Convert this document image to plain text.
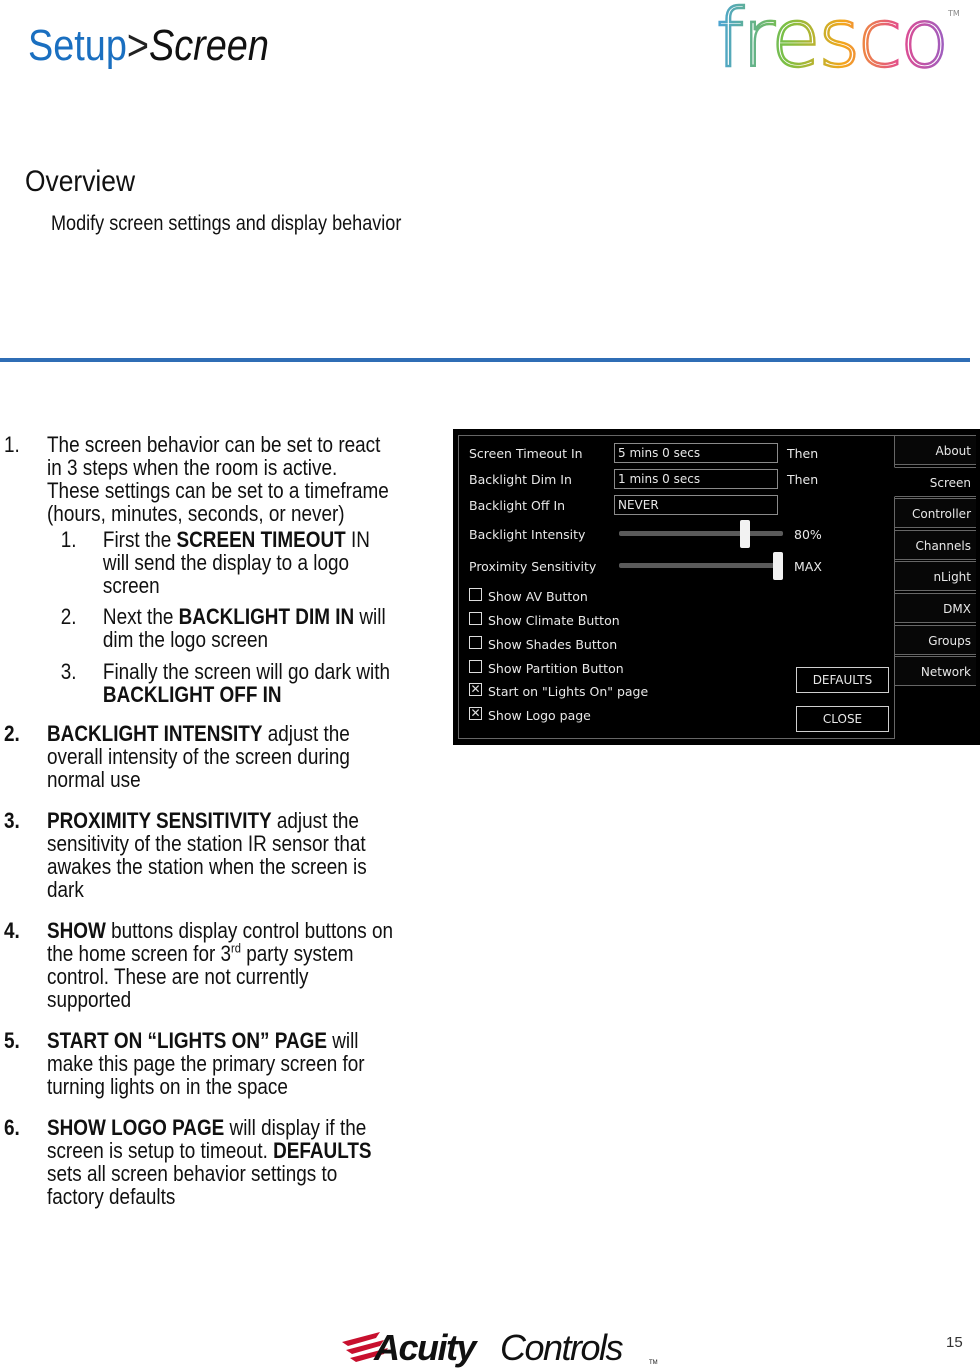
Setup>Screen	fresco TM
Overview
Modify screen settings and display behavior
1. The screen behavior can be set to react
in 3 steps when the room is active.
These settings can be set to a timeframe
(hours, minutes, seconds, or never)
1. First the SCREEN TIMEOUT IN
will send the display to a logo
screen
2. Next the BACKLIGHT DIM IN will
dim the logo screen
3. Finally the screen will go dark with
BACKLIGHT OFF IN
2. BACKLIGHT INTENSITY adjust the
overall intensity of the screen during
normal use
3. PROXIMITY SENSITIVITY adjust the
sensitivity of the station IR sensor that
awakes the station when the screen is
dark
4. SHOW buttons display control buttons on
the home screen for 3rd party system
control. These are not currently
supported
5. START ON “LIGHTS ON” PAGE will
make this page the primary screen for
turning lights on in the space
6. SHOW LOGO PAGE will display if the
screen is setup to timeout. DEFAULTS
sets all screen behavior settings to
factory defaults
Screen Timeout In	5 mins 0 secs	Then
Backlight Dim In	1 mins 0 secs	Then
Backlight Off In	NEVER
Backlight Intensity	80%
Proximity Sensitivity	MAX
Show AV Button
Show Climate Button
Show Shades Button
Show Partition Button
✕ Start on "Lights On" page
✕ Show Logo page
DEFAULTS
CLOSE
About
Screen
Controller
Channels
nLight
DMX
Groups
Network
Acuity Controls	TM
15
